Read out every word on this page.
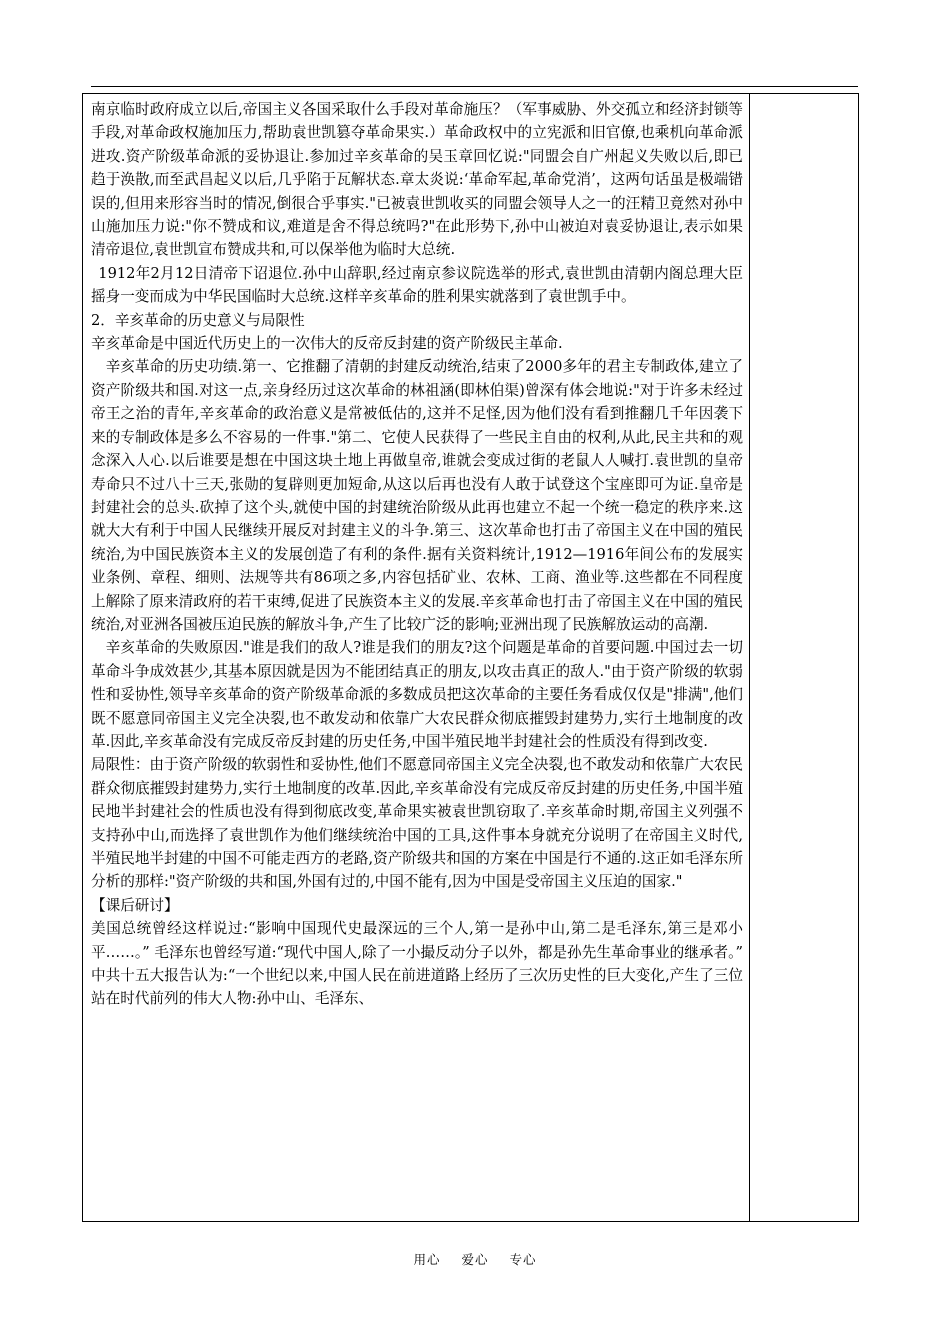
南京临时政府成立以后,帝国主义各国采取什么手段对革命施压？（军事威胁、外交孤立和经济封锁等手段,对革命政权施加压力,帮助袁世凯篡夺革命果实.）革命政权中的立宪派和旧官僚,也乘机向革命派进攻.资产阶级革命派的妥协退让.参加过辛亥革命的吴玉章回忆说:"同盟会自广州起义失败以后,即已趋于涣散,而至武昌起义以后,几乎陷于瓦解状态.章太炎说:‘革命军起,革命党消’，这两句话虽是极端错误的,但用来形容当时的情况,倒很合乎事实."已被袁世凯收买的同盟会领导人之一的汪精卫竟然对孙中山施加压力说:"你不赞成和议,难道是舍不得总统吗?"在此形势下,孙中山被迫对袁妥协退让,表示如果清帝退位,袁世凯宣布赞成共和,可以保举他为临时大总统.

1912年2月12日清帝下诏退位.孙中山辞职,经过南京参议院选举的形式,袁世凯由清朝内阁总理大臣摇身一变而成为中华民国临时大总统.这样辛亥革命的胜利果实就落到了袁世凯手中。

2．辛亥革命的历史意义与局限性

辛亥革命是中国近代历史上的一次伟大的反帝反封建的资产阶级民主革命.

辛亥革命的历史功绩.第一、它推翻了清朝的封建反动统治,结束了2000多年的君主专制政体,建立了资产阶级共和国.对这一点,亲身经历过这次革命的林祖涵(即林伯渠)曾深有体会地说:"对于许多未经过帝王之治的青年,辛亥革命的政治意义是常被低估的,这并不足怪,因为他们没有看到推翻几千年因袭下来的专制政体是多么不容易的一件事."第二、它使人民获得了一些民主自由的权利,从此,民主共和的观念深入人心.以后谁要是想在中国这块土地上再做皇帝,谁就会变成过街的老鼠人人喊打.袁世凯的皇帝寿命只不过八十三天,张勋的复辟则更加短命,从这以后再也没有人敢于试登这个宝座即可为证.皇帝是封建社会的总头.砍掉了这个头,就使中国的封建统治阶级从此再也建立不起一个统一稳定的秩序来.这就大大有利于中国人民继续开展反对封建主义的斗争.第三、这次革命也打击了帝国主义在中国的殖民统治,为中国民族资本主义的发展创造了有利的条件.据有关资料统计,1912—1916年间公布的发展实业条例、章程、细则、法规等共有86项之多,内容包括矿业、农林、工商、渔业等.这些都在不同程度上解除了原来清政府的若干束缚,促进了民族资本主义的发展.辛亥革命也打击了帝国主义在中国的殖民统治,对亚洲各国被压迫民族的解放斗争,产生了比较广泛的影响;亚洲出现了民族解放运动的高潮.

辛亥革命的失败原因."谁是我们的敌人?谁是我们的朋友?这个问题是革命的首要问题.中国过去一切革命斗争成效甚少,其基本原因就是因为不能团结真正的朋友,以攻击真正的敌人."由于资产阶级的软弱性和妥协性,领导辛亥革命的资产阶级革命派的多数成员把这次革命的主要任务看成仅仅是"排满",他们既不愿意同帝国主义完全决裂,也不敢发动和依靠广大农民群众彻底摧毁封建势力,实行土地制度的改革.因此,辛亥革命没有完成反帝反封建的历史任务,中国半殖民地半封建社会的性质没有得到改变.

局限性：由于资产阶级的软弱性和妥协性,他们不愿意同帝国主义完全决裂,也不敢发动和依靠广大农民群众彻底摧毁封建势力,实行土地制度的改革.因此,辛亥革命没有完成反帝反封建的历史任务,中国半殖民地半封建社会的性质也没有得到彻底改变,革命果实被袁世凯窃取了.辛亥革命时期,帝国主义列强不支持孙中山,而选择了袁世凯作为他们继续统治中国的工具,这件事本身就充分说明了在帝国主义时代,半殖民地半封建的中国不可能走西方的老路,资产阶级共和国的方案在中国是行不通的.这正如毛泽东所分析的那样:"资产阶级的共和国,外国有过的,中国不能有,因为中国是受帝国主义压迫的国家."

【课后研讨】

美国总统曾经这样说过:“影响中国现代史最深远的三个人,第一是孙中山,第二是毛泽东,第三是邓小平……。” 毛泽东也曾经写道:“现代中国人,除了一小撮反动分子以外，都是孙先生革命事业的继承者。” 中共十五大报告认为:“一个世纪以来,中国人民在前进道路上经历了三次历史性的巨大变化,产生了三位站在时代前列的伟大人物:孙中山、毛泽东、

用心 爱心 专心
